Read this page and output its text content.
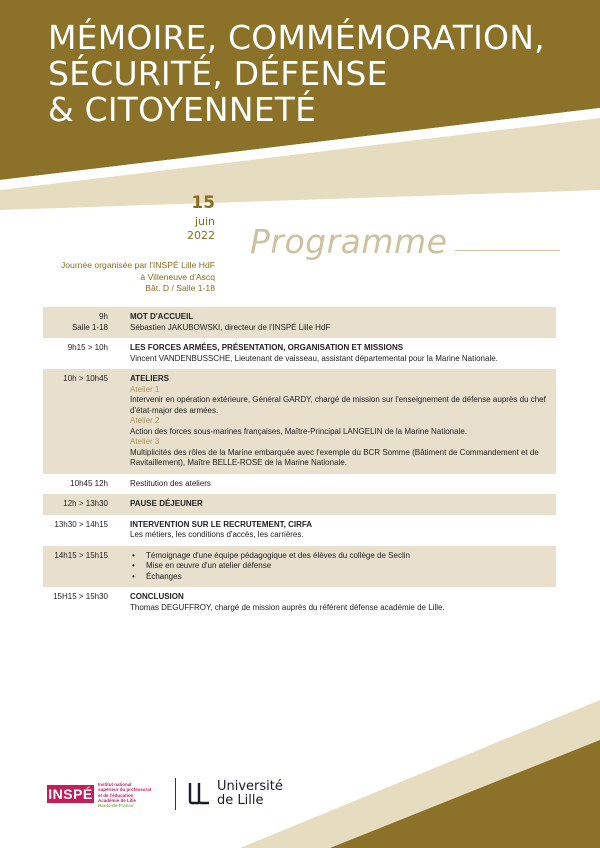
MÉMOIRE, COMMÉMORATION,
SÉCURITÉ, DÉFENSE
& CITOYENNETÉ
15
juin
2022
Journée organisée par l'INSPÉ Lille HdF
à Villeneuve d'Ascq
Bât. D / Salle 1-18
Programme
9h
Salle 1-18

MOT D'ACCUEIL

Sébastien JAKUBOWSKI, directeur de l'INSPÉ Lille HdF

9h15 > 10h	LES FORCES ARMÉES, PRÉSENTATION, ORGANISATION ET MISSIONS

Vincent VANDENBUSSCHE, Lieutenant de vaisseau, assistant départemental pour la Marine Nationale.

10h > 10h45	ATELIERS

Atelier 1

Intervenir en opération extérieure, Général GARDY, chargé de mission sur l'enseignement de défense auprès du chef d'état-major des armées.

Atelier 2

Action des forces sous-marines françaises, Maître-Principal LANGELIN de la Marine Nationale.

Atelier 3

Multiplicités des rôles de la Marine embarquée avec l'exemple du BCR Somme (Bâtiment de Commandement et de Ravitaillement), Maître BELLE-ROSE de la Marine Nationale.

10h45 12h	Restitution des ateliers

12h > 13h30	PAUSE DÉJEUNER

13h30 > 14h15	INTERVENTION SUR LE RECRUTEMENT, CIRFA

Les métiers, les conditions d'accès, les carrières.

14h15 > 15h15
•	Témoignage d'une équipe pédagogique et des élèves du collège de Seclin
• Mise en œuvre d'un atelier défense
• Échanges
15H15 > 15h30	CONCLUSION

Thomas DEGUFFROY, chargé de mission auprès du référent défense académie de Lille.

INSPÉ
Institut national
supérieur du professorat
et de l'éducation
Académie de Lille
Hauts-de-France
Université
de Lille
